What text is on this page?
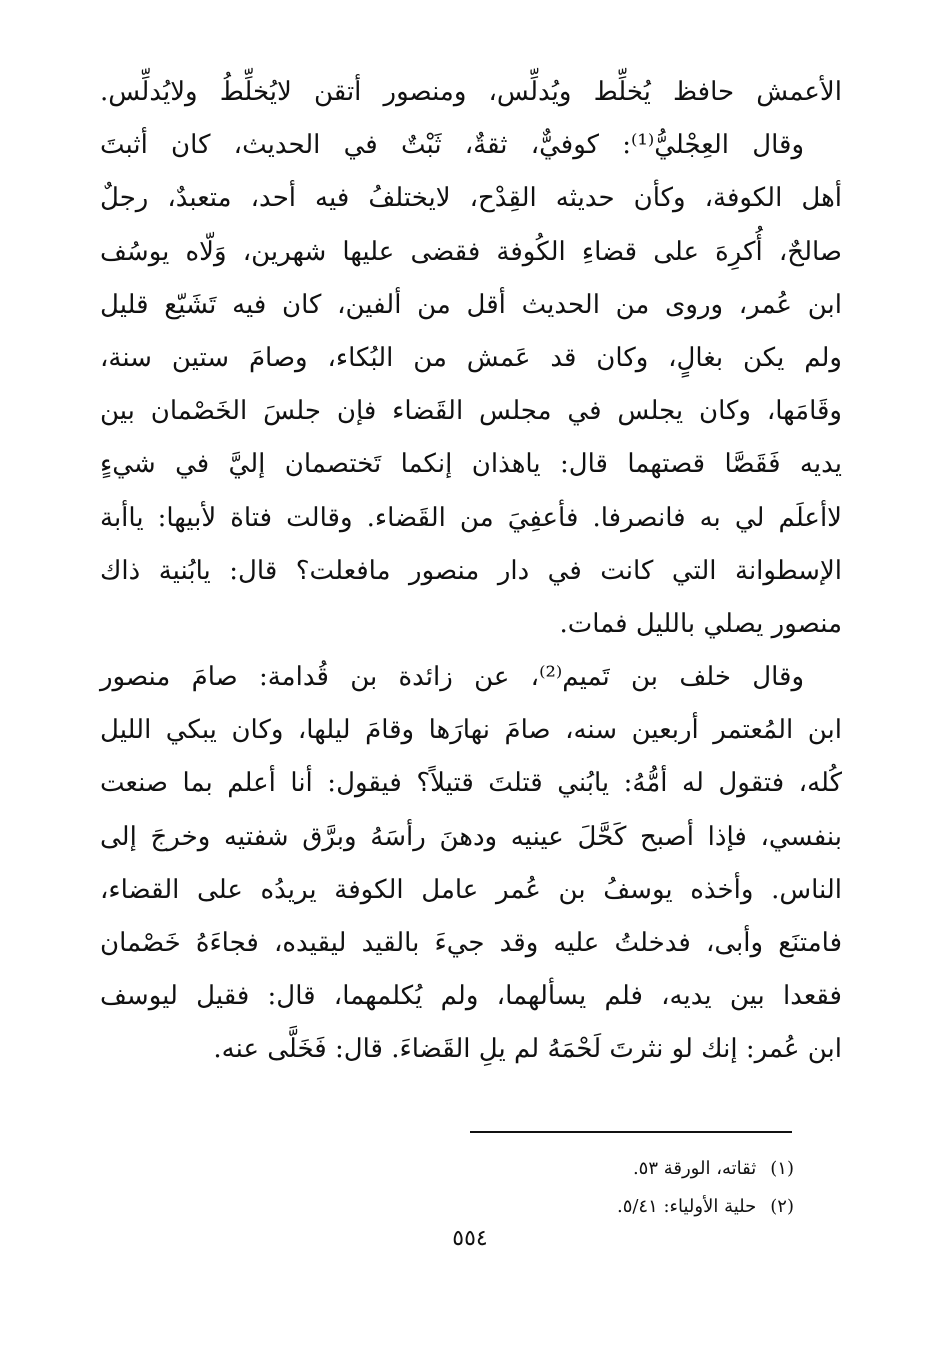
الأعمش حافظ يُخلِّط ويُدلِّس، ومنصور أتقن لايُخلِّطُ ولايُدلِّس.
وقال العِجْليُّ⁽¹⁾: كوفيٌّ، ثقةٌ، ثَبْتٌ في الحديث، كان أثبتَ
أهل الكوفة، وكأن حديثه القِدْح، لايختلفُ فيه أحد، متعبدٌ، رجلٌ
صالحٌ، أُكرِهَ على قضاءِ الكُوفة فقضى عليها شهرين، وَلّاه يوسُف
ابن عُمر، وروى من الحديث أقل من ألفين، كان فيه تَشَيّع قليل
ولم يكن بغالٍ، وكان قد عَمش من البُكاء، وصامَ ستين سنة،
وقَامَها، وكان يجلس في مجلس القَضاء فإن جلسَ الخَصْمان بين
يديه فَقَصَّا قصتهما قال: ياهذان إنكما تَختصمان إليَّ في شيءٍ
لاأعلَم لي به فانصرفا. فأعفِيَ من القَضاء. وقالت فتاة لأبيها: ياأبة
الإسطوانة التي كانت في دار منصور مافعلت؟ قال: يابُنية ذاك
منصور يصلي بالليل فمات.
وقال خلف بن تَميم⁽²⁾، عن زائدة بن قُدامة: صامَ منصور
ابن المُعتمر أربعين سنه، صامَ نهارَها وقامَ ليلها، وكان يبكي الليل
كُله، فتقول له أمُّهُ: يابُني قتلتَ قتيلاً؟ فيقول: أنا أعلم بما صنعت
بنفسي، فإذا أصبح كَحَّلَ عينيه ودهنَ رأسَهُ وبرَّق شفتيه وخرجَ إلى
الناس. وأخذه يوسفُ بن عُمر عامل الكوفة يريدُه على القضاء،
فامتنَع وأبى، فدخلتُ عليه وقد جيءَ بالقيد ليقيده، فجاءَهُ خَصْمان
فقعدا بين يديه، فلم يسألهما، ولم يُكلمهما، قال: فقيل ليوسف
ابن عُمر: إنك لو نثرتَ لَحْمَهُ لم يلِ القَضاءَ. قال: فَخَلَّى عنه.
(١)ثقاته، الورقة ٥٣.
(٢)حلية الأولياء: ٥/٤١.
٥٥٤
